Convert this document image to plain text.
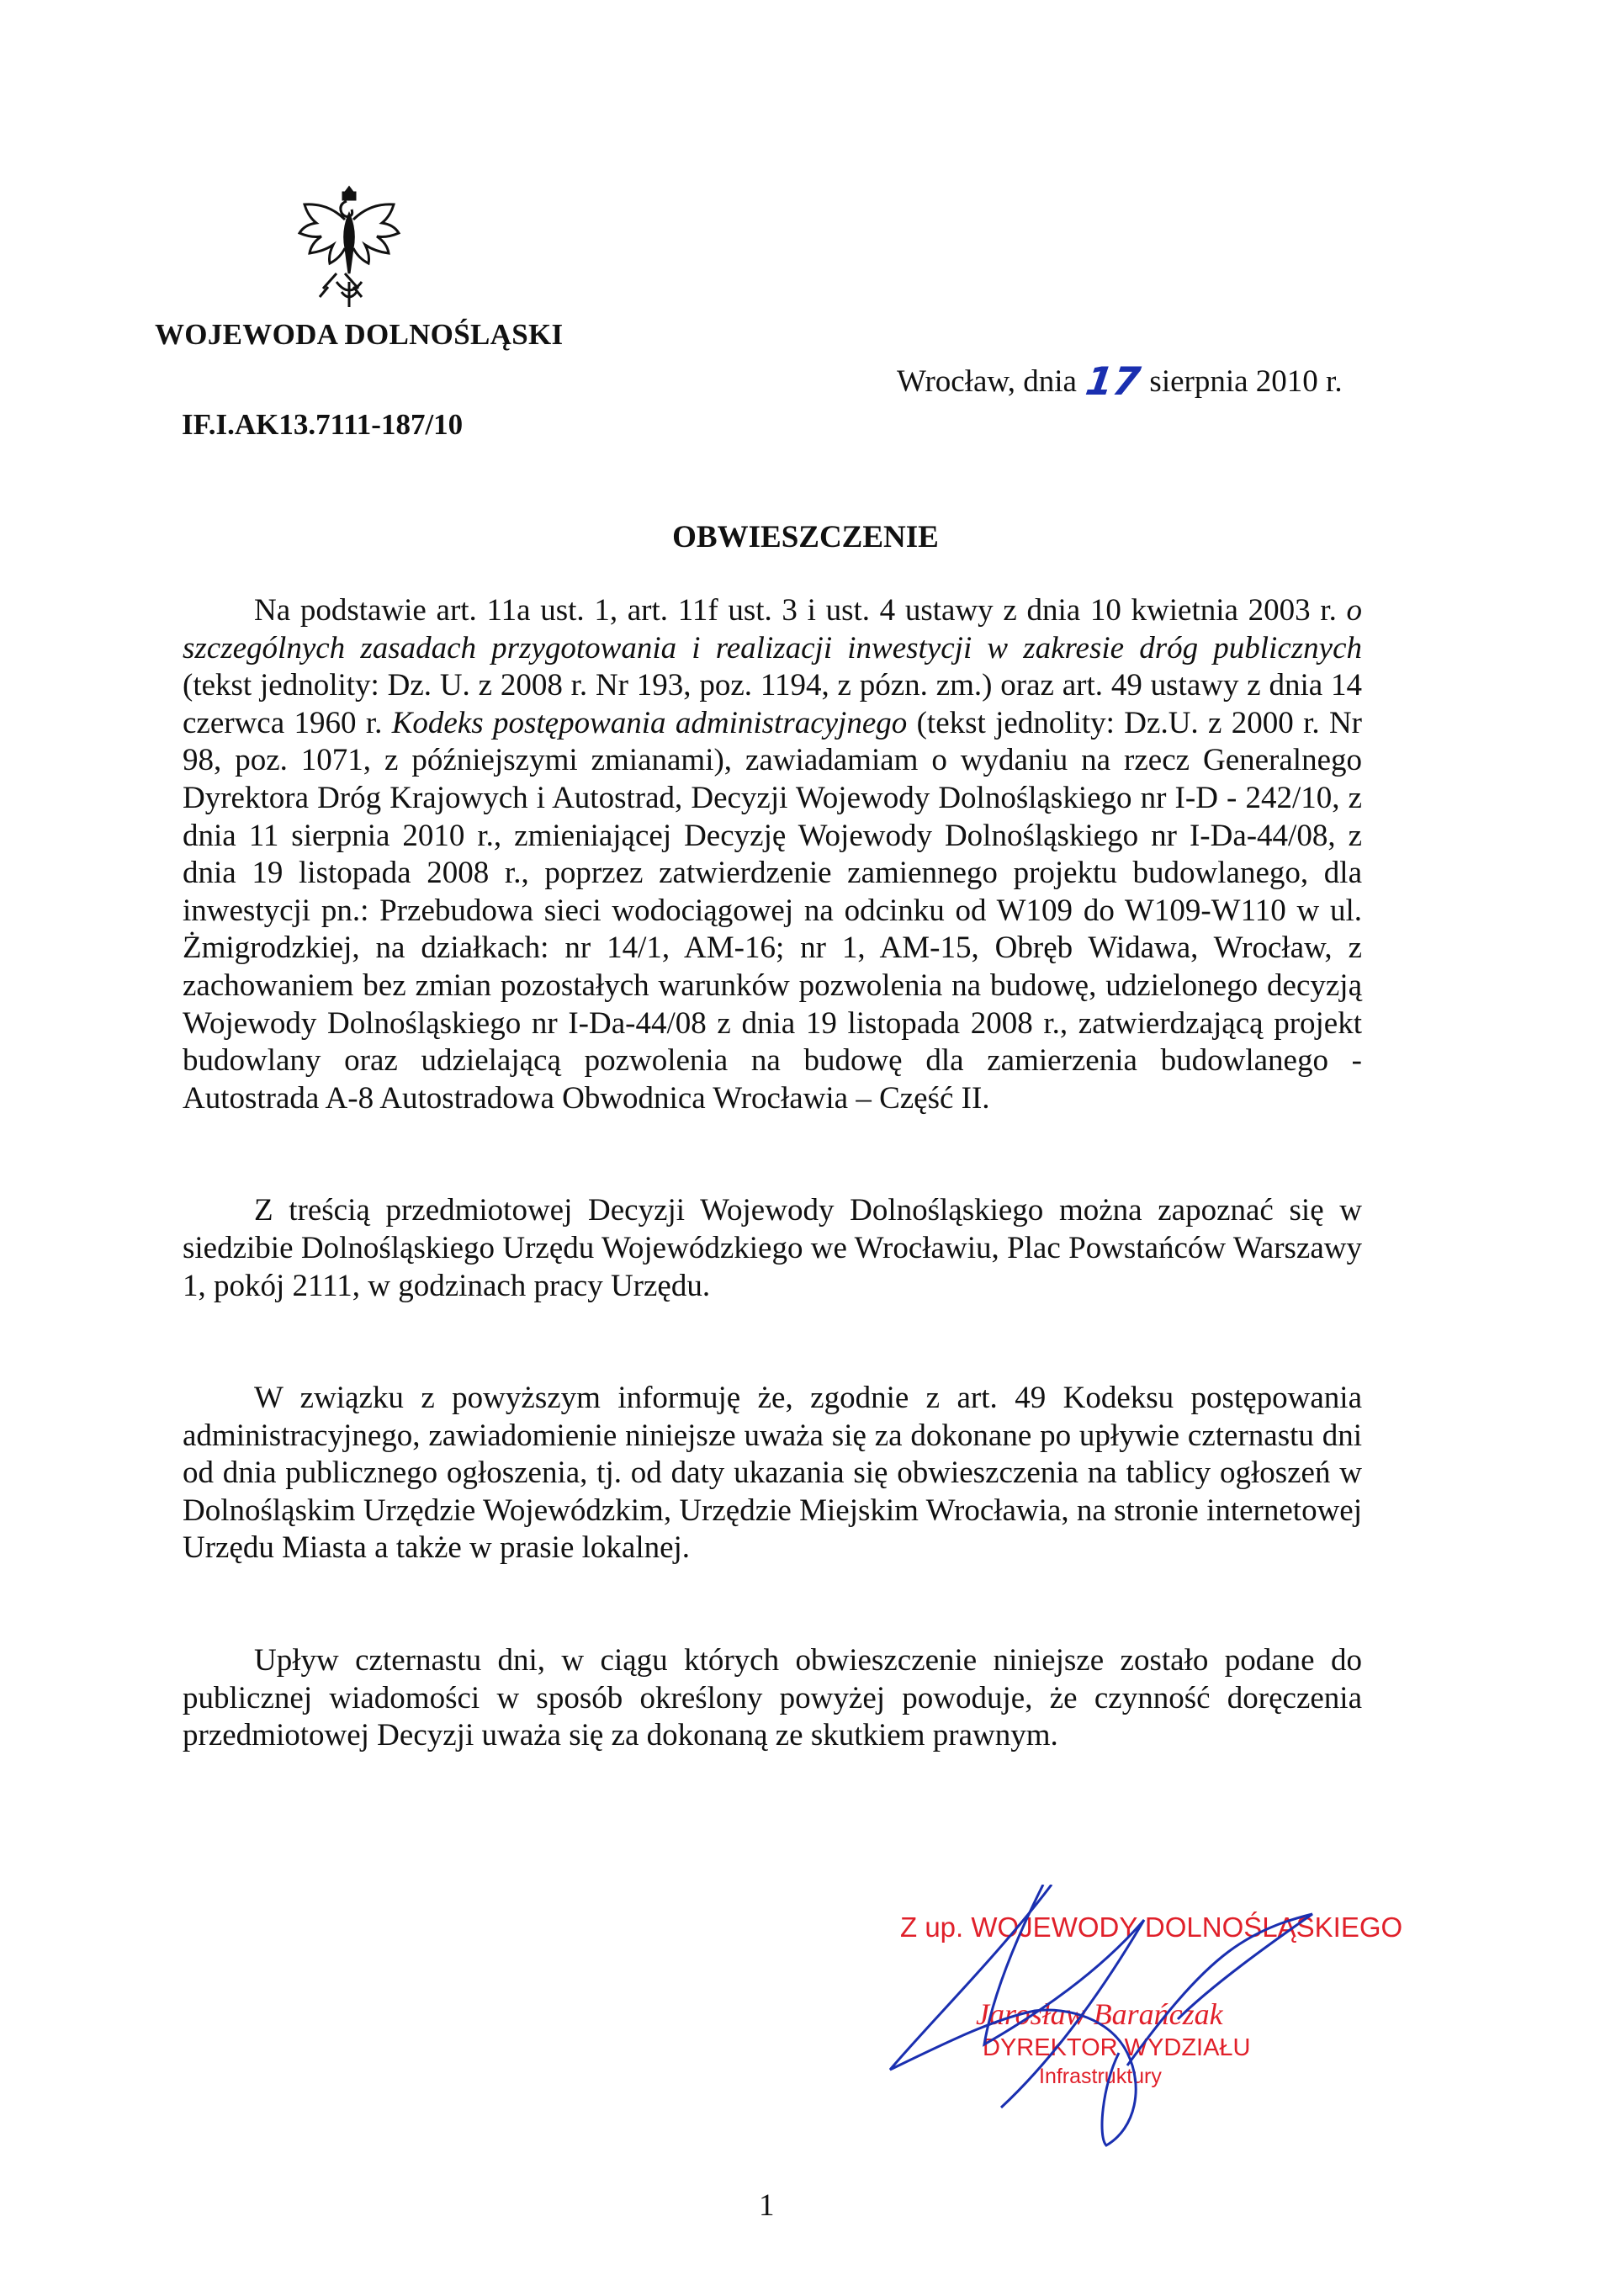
WOJEWODA DOLNOŚLĄSKI
IF.I.AK13.7111-187/10
Wrocław, dnia 17 sierpnia 2010 r.
OBWIESZCZENIE

Na podstawie art. 11a ust. 1, art. 11f ust. 3 i ust. 4 ustawy z dnia 10 kwietnia 2003 r. o szczególnych zasadach przygotowania i realizacji inwestycji w zakresie dróg publicznych (tekst jednolity: Dz. U. z 2008 r. Nr 193, poz. 1194, z pózn. zm.) oraz art. 49 ustawy z dnia 14 czerwca 1960 r. Kodeks postępowania administracyjnego (tekst jednolity: Dz.U. z 2000 r. Nr 98, poz. 1071, z późniejszymi zmianami), zawiadamiam o wydaniu na rzecz Generalnego Dyrektora Dróg Krajowych i Autostrad, Decyzji Wojewody Dolnośląskiego nr I-D - 242/10, z dnia 11 sierpnia 2010 r., zmieniającej Decyzję Wojewody Dolnośląskiego nr I-Da-44/08, z dnia 19 listopada 2008 r., poprzez zatwierdzenie zamiennego projektu budowlanego, dla inwestycji pn.: Przebudowa sieci wodociągowej na odcinku od W109 do W109-W110 w ul. Żmigrodzkiej, na działkach: nr 14/1, AM-16; nr 1, AM-15, Obręb Widawa, Wrocław, z zachowaniem bez zmian pozostałych warunków pozwolenia na budowę, udzielonego decyzją Wojewody Dolnośląskiego nr I-Da-44/08 z dnia 19 listopada 2008 r., zatwierdzającą projekt budowlany oraz udzielającą pozwolenia na budowę dla zamierzenia budowlanego - Autostrada A-8 Autostradowa Obwodnica Wrocławia – Część II.

Z treścią przedmiotowej Decyzji Wojewody Dolnośląskiego można zapoznać się w siedzibie Dolnośląskiego Urzędu Wojewódzkiego we Wrocławiu, Plac Powstańców Warszawy 1, pokój 2111, w godzinach pracy Urzędu.

W związku z powyższym informuję że, zgodnie z art. 49 Kodeksu postępowania administracyjnego, zawiadomienie niniejsze uważa się za dokonane po upływie czternastu dni od dnia publicznego ogłoszenia, tj. od daty ukazania się obwieszczenia na tablicy ogłoszeń w Dolnośląskim Urzędzie Wojewódzkim, Urzędzie Miejskim Wrocławia, na stronie internetowej Urzędu Miasta a także w prasie lokalnej.

Upływ czternastu dni, w ciągu których obwieszczenie niniejsze zostało podane do publicznej wiadomości w sposób określony powyżej powoduje, że czynność doręczenia przedmiotowej Decyzji uważa się za dokonaną ze skutkiem prawnym.

Z up. WOJEWODY DOLNOŚLĄSKIEGO
Jarosław Barańczak
DYREKTOR WYDZIAŁU
Infrastruktury
1
